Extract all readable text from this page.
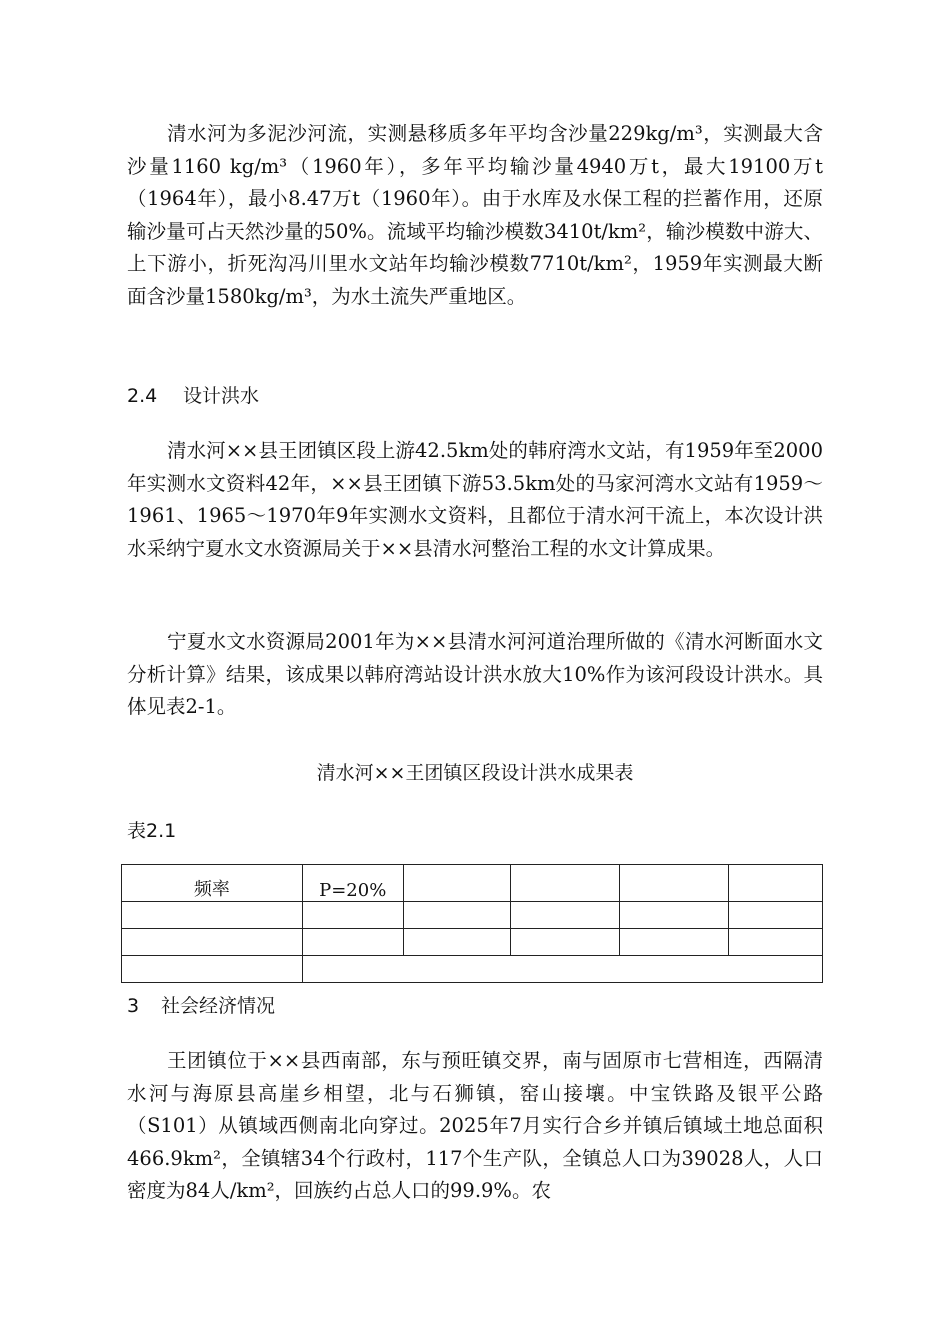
清水河为多泥沙河流，实测悬移质多年平均含沙量229kg/m³，实测最大含沙量1160 kg/m³（1960年），多年平均输沙量4940万t，最大19100万t（1964年），最小8.47万t（1960年）。由于水库及水保工程的拦蓄作用，还原输沙量可占天然沙量的50%。流域平均输沙模数3410t/km²，输沙模数中游大、上下游小，折死沟冯川里水文站年均输沙模数7710t/km²，1959年实测最大断面含沙量1580kg/m³，为水土流失严重地区。

2.4 设计洪水

清水河××县王团镇区段上游42.5km处的韩府湾水文站，有1959年至2000年实测水文资料42年，××县王团镇下游53.5km处的马家河湾水文站有1959～1961、1965～1970年9年实测水文资料，且都位于清水河干流上，本次设计洪水采纳宁夏水文水资源局关于××县清水河整治工程的水文计算成果。

宁夏水文水资源局2001年为××县清水河河道治理所做的《清水河断面水文分析计算》结果，该成果以韩府湾站设计洪水放大10%作为该河段设计洪水。具体见表2-1。

清水河××王团镇区段设计洪水成果表

表2.1

频率	P=20%				

3 社会经济情况

王团镇位于××县西南部，东与预旺镇交界，南与固原市七营相连，西隔清水河与海原县高崖乡相望，北与石狮镇，窑山接壤。中宝铁路及银平公路（S101）从镇域西侧南北向穿过。2025年7月实行合乡并镇后镇域土地总面积466.9km²，全镇辖34个行政村，117个生产队，全镇总人口为39028人，人口密度为84人/km²，回族约占总人口的99.9%。农
